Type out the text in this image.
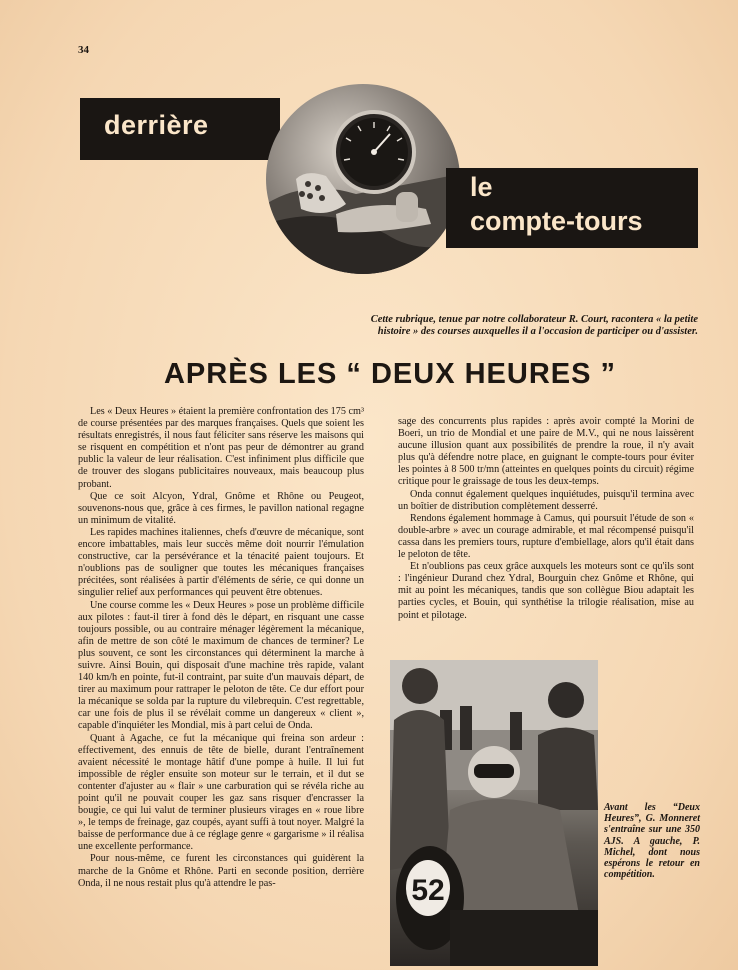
34
derrière
le
compte-tours
Cette rubrique, tenue par notre collaborateur R. Court, racontera « la petite histoire » des courses auxquelles il a l'occasion de participer ou d'assister.
APRÈS LES “ DEUX HEURES ”

Les « Deux Heures » étaient la première confrontation des 175 cm³ de course présentées par des marques françaises. Quels que soient les résultats enregistrés, il nous faut féliciter sans réserve les maisons qui se risquent en compétition et n'ont pas peur de démontrer au grand public la valeur de leur réalisation. C'est infiniment plus difficile que de trouver des slogans publicitaires nouveaux, mais beaucoup plus probant.

Que ce soit Alcyon, Ydral, Gnôme et Rhône ou Peugeot, souvenons-nous que, grâce à ces firmes, le pavillon national regagne un minimum de vitalité.

Les rapides machines italiennes, chefs d'œuvre de mécanique, sont encore imbattables, mais leur succès même doit nourrir l'émulation constructive, car la persévérance et la ténacité paient toujours. Et n'oublions pas de souligner que toutes les mécaniques françaises précitées, sont réalisées à partir d'éléments de série, ce qui donne un singulier relief aux performances qui peuvent être obtenues.

Une course comme les « Deux Heures » pose un problème difficile aux pilotes : faut-il tirer à fond dès le départ, en risquant une casse toujours possible, ou au contraire ménager légèrement la mécanique, afin de mettre de son côté le maximum de chances de terminer? Le plus souvent, ce sont les circonstances qui déterminent la marche à suivre. Ainsi Bouin, qui disposait d'une machine très rapide, valant 140 km/h en pointe, fut-il contraint, par suite d'un mauvais départ, de tirer au maximum pour rattraper le peloton de tête. Ce dur effort pour la mécanique se solda par la rupture du vilebrequin. C'est regrettable, car une fois de plus il se révélait comme un dangereux « client », capable d'inquiéter les Mondial, mis à part celui de Onda.

Quant à Agache, ce fut la mécanique qui freina son ardeur : effectivement, des ennuis de tête de bielle, durant l'entraînement avaient nécessité le montage hâtif d'une pompe à huile. Il lui fut impossible de régler ensuite son moteur sur le terrain, et il dut se contenter d'ajuster au « flair » une carburation qui se révéla riche au point qu'il ne pouvait couper les gaz sans risquer d'encrasser la bougie, ce qui lui valut de terminer plusieurs virages en « roue libre », le temps de freinage, gaz coupés, ayant suffi à tout noyer. Malgré la baisse de performance due à ce réglage genre « gargarisme » il réalisa une excellente performance.

Pour nous-même, ce furent les circonstances qui guidèrent la marche de la Gnôme et Rhône. Parti en seconde position, derrière Onda, il ne nous restait plus qu'à attendre le pas-

sage des concurrents plus rapides : après avoir compté la Morini de Boeri, un trio de Mondial et une paire de M.V., qui ne nous laissèrent aucune illusion quant aux possibilités de prendre la roue, il n'y avait plus qu'à défendre notre place, en guignant le compte-tours pour éviter les pointes à 8 500 tr/mn (atteintes en quelques points du circuit) régime critique pour le graissage de tous les deux-temps.

Onda connut également quelques inquiétudes, puisqu'il termina avec un boîtier de distribution complètement desserré.

Rendons également hommage à Camus, qui poursuit l'étude de son « double-arbre » avec un courage admirable, et mal récompensé puisqu'il cassa dans les premiers tours, rupture d'embiellage, alors qu'il était dans le peloton de tête.

Et n'oublions pas ceux grâce auxquels les moteurs sont ce qu'ils sont : l'ingénieur Durand chez Ydral, Bourguin chez Gnôme et Rhône, qui mit au point les mécaniques, tandis que son collègue Biou adaptait les parties cycles, et Bouin, qui synthétise la trilogie réalisation, mise au point et pilotage.

52
Avant les “Deux Heures”, G. Monneret s'entraîne sur une 350 AJS. A gauche, P. Michel, dont nous espérons le retour en compétition.
